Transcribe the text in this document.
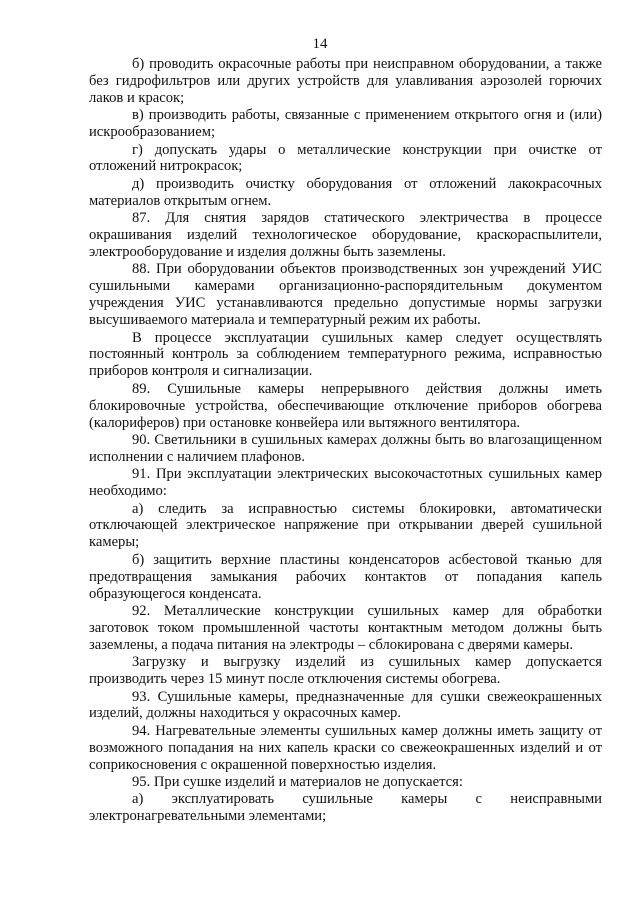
14

б) проводить окрасочные работы при неисправном оборудовании, а также без гидрофильтров или других устройств для улавливания аэрозолей горючих лаков и красок;

в) производить работы, связанные с применением открытого огня и (или) искрообразованием;

г) допускать удары о металлические конструкции при очистке от отложений нитрокрасок;

д) производить очистку оборудования от отложений лакокрасочных материалов открытым огнем.

87. Для снятия зарядов статического электричества в процессе окрашивания изделий технологическое оборудование, краскораспылители, электрооборудование и изделия должны быть заземлены.

88. При оборудовании объектов производственных зон учреждений УИС сушильными камерами организационно-распорядительным документом учреждения УИС устанавливаются предельно допустимые нормы загрузки высушиваемого материала и температурный режим их работы.

В процессе эксплуатации сушильных камер следует осуществлять постоянный контроль за соблюдением температурного режима, исправностью приборов контроля и сигнализации.

89. Сушильные камеры непрерывного действия должны иметь блокировочные устройства, обеспечивающие отключение приборов обогрева (калориферов) при остановке конвейера или вытяжного вентилятора.

90. Светильники в сушильных камерах должны быть во влагозащищенном исполнении с наличием плафонов.

91. При эксплуатации электрических высокочастотных сушильных камер необходимо:

а) следить за исправностью системы блокировки, автоматически отключающей электрическое напряжение при открывании дверей сушильной камеры;

б) защитить верхние пластины конденсаторов асбестовой тканью для предотвращения замыкания рабочих контактов от попадания капель образующегося конденсата.

92. Металлические конструкции сушильных камер для обработки заготовок током промышленной частоты контактным методом должны быть заземлены, а подача питания на электроды – сблокирована с дверями камеры.

Загрузку и выгрузку изделий из сушильных камер допускается производить через 15 минут после отключения системы обогрева.

93. Сушильные камеры, предназначенные для сушки свежеокрашенных изделий, должны находиться у окрасочных камер.

94. Нагревательные элементы сушильных камер должны иметь защиту от возможного попадания на них капель краски со свежеокрашенных изделий и от соприкосновения с окрашенной поверхностью изделия.

95. При сушке изделий и материалов не допускается:

а) эксплуатировать сушильные камеры с неисправными электронагревательными элементами;
